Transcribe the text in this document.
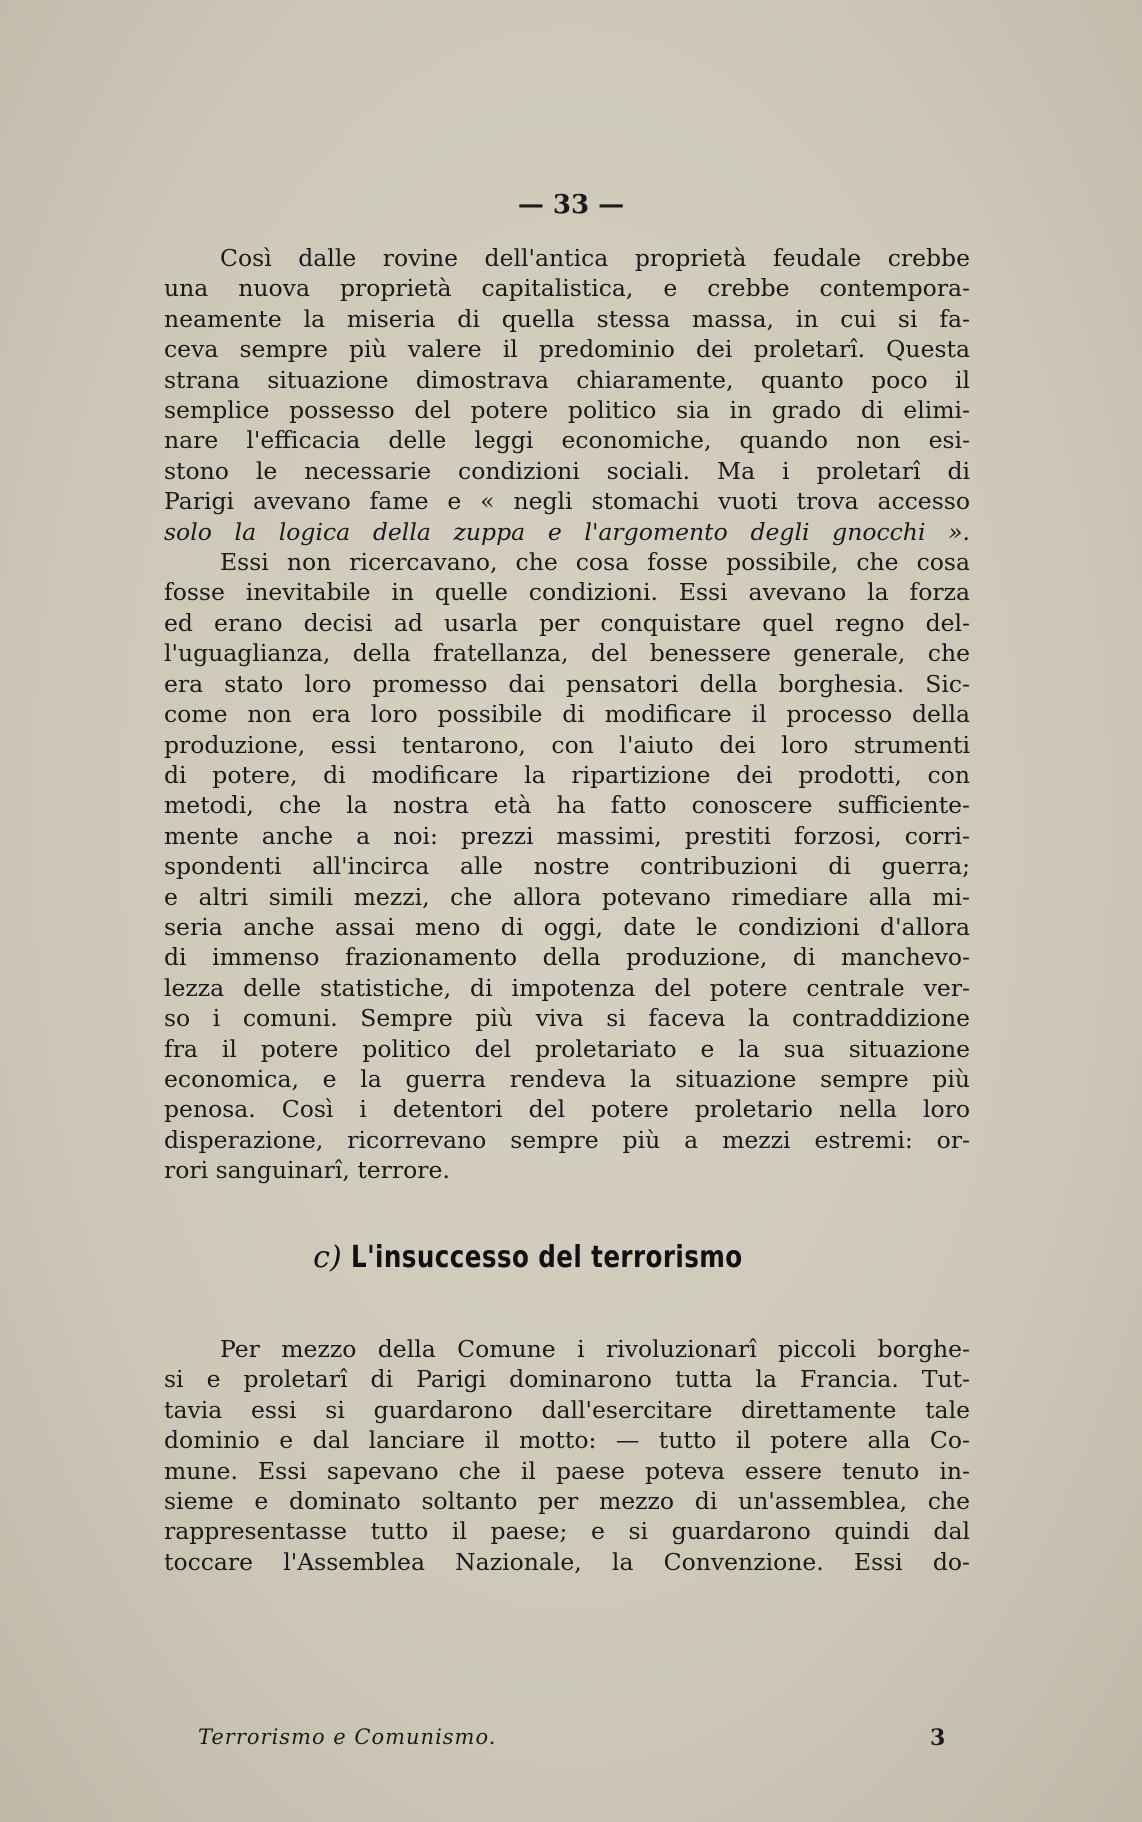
— 33 —
Così dalle rovine dell'antica proprietà feudale crebbe
una nuova proprietà capitalistica, e crebbe contempora-
neamente la miseria di quella stessa massa, in cui si fa-
ceva sempre più valere il predominio dei proletarî. Questa
strana situazione dimostrava chiaramente, quanto poco il
semplice possesso del potere politico sia in grado di elimi-
nare l'efficacia delle leggi economiche, quando non esi-
stono le necessarie condizioni sociali. Ma i proletarî di
Parigi avevano fame e « negli stomachi vuoti trova accesso
solo la logica della zuppa e l'argomento degli gnocchi ».
Essi non ricercavano, che cosa fosse possibile, che cosa
fosse inevitabile in quelle condizioni. Essi avevano la forza
ed erano decisi ad usarla per conquistare quel regno del-
l'uguaglianza, della fratellanza, del benessere generale, che
era stato loro promesso dai pensatori della borghesia. Sic-
come non era loro possibile di modificare il processo della
produzione, essi tentarono, con l'aiuto dei loro strumenti
di potere, di modificare la ripartizione dei prodotti, con
metodi, che la nostra età ha fatto conoscere sufficiente-
mente anche a noi: prezzi massimi, prestiti forzosi, corri-
spondenti all'incirca alle nostre contribuzioni di guerra;
e altri simili mezzi, che allora potevano rimediare alla mi-
seria anche assai meno di oggi, date le condizioni d'allora
di immenso frazionamento della produzione, di manchevo-
lezza delle statistiche, di impotenza del potere centrale ver-
so i comuni. Sempre più viva si faceva la contraddizione
fra il potere politico del proletariato e la sua situazione
economica, e la guerra rendeva la situazione sempre più
penosa. Così i detentori del potere proletario nella loro
disperazione, ricorrevano sempre più a mezzi estremi: or-
rori sanguinarî, terrore.
c) L'insuccesso del terrorismo
Per mezzo della Comune i rivoluzionarî piccoli borghe-
si e proletarî di Parigi dominarono tutta la Francia. Tut-
tavia essi si guardarono dall'esercitare direttamente tale
dominio e dal lanciare il motto: — tutto il potere alla Co-
mune. Essi sapevano che il paese poteva essere tenuto in-
sieme e dominato soltanto per mezzo di un'assemblea, che
rappresentasse tutto il paese; e si guardarono quindi dal
toccare l'Assemblea Nazionale, la Convenzione. Essi do-
Terrorismo e Comunismo.	3
